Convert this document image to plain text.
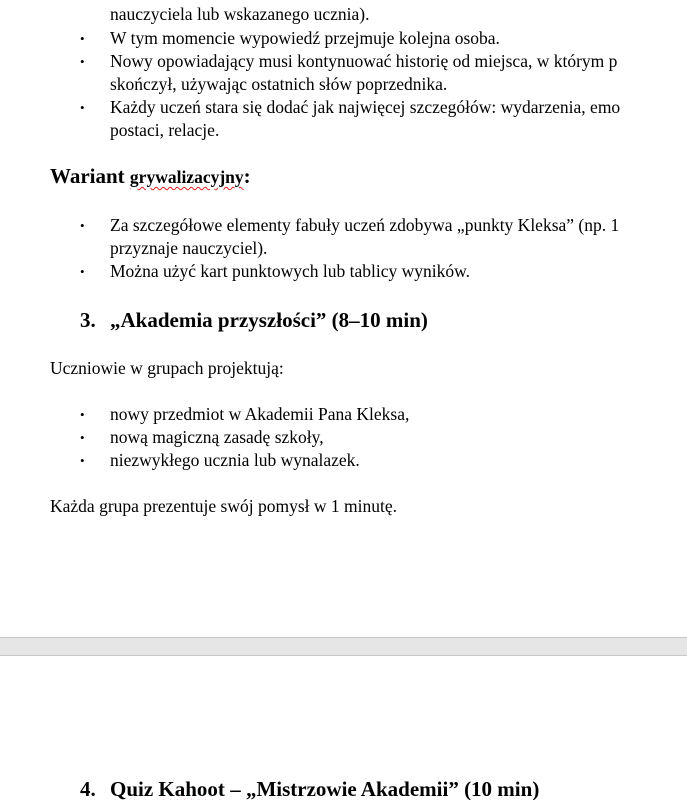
nauczyciela lub wskazanego ucznia).
• W tym momencie wypowiedź przejmuje kolejna osoba.
• Nowy opowiadający musi kontynuować historię od miejsca, w którym p
skończył, używając ostatnich słów poprzednika.
• Każdy uczeń stara się dodać jak najwięcej szczegółów: wydarzenia, emo
postaci, relacje.
Wariant grywalizacyjny:
• Za szczegółowe elementy fabuły uczeń zdobywa „punkty Kleksa” (np. 1
przyznaje nauczyciel).
• Można użyć kart punktowych lub tablicy wyników.
3. „Akademia przyszłości” (8–10 min)
Uczniowie w grupach projektują:
• nowy przedmiot w Akademii Pana Kleksa,
• nową magiczną zasadę szkoły,
• niezwykłego ucznia lub wynalazek.
Każda grupa prezentuje swój pomysł w 1 minutę.
4. Quiz Kahoot – „Mistrzowie Akademii” (10 min)
